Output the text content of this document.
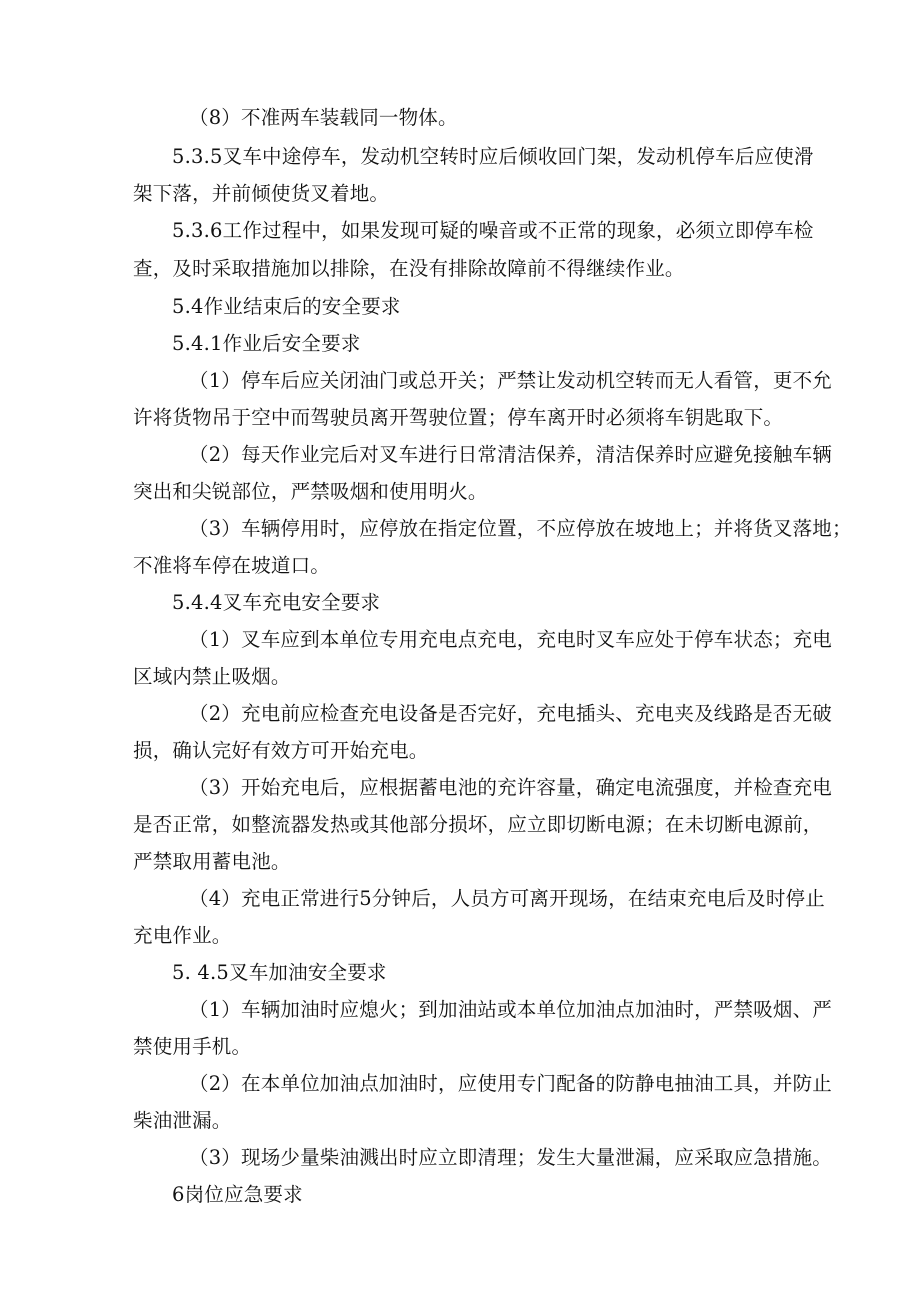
（8）不准两车装载同一物体。
5.3.5叉车中途停车，发动机空转时应后倾收回门架，发动机停车后应使滑
架下落，并前倾使货叉着地。
5.3.6工作过程中，如果发现可疑的噪音或不正常的现象，必须立即停车检
查，及时采取措施加以排除，在没有排除故障前不得继续作业。
5.4作业结束后的安全要求
5.4.1作业后安全要求
（1）停车后应关闭油门或总开关；严禁让发动机空转而无人看管，更不允
许将货物吊于空中而驾驶员离开驾驶位置；停车离开时必须将车钥匙取下。
（2）每天作业完后对叉车进行日常清洁保养，清洁保养时应避免接触车辆
突出和尖锐部位，严禁吸烟和使用明火。
（3）车辆停用时，应停放在指定位置，不应停放在坡地上；并将货叉落地；
不准将车停在坡道口。
5.4.4叉车充电安全要求
（1）叉车应到本单位专用充电点充电，充电时叉车应处于停车状态；充电
区域内禁止吸烟。
（2）充电前应检查充电设备是否完好，充电插头、充电夹及线路是否无破
损，确认完好有效方可开始充电。
（3）开始充电后，应根据蓄电池的充许容量，确定电流强度，并检查充电
是否正常，如整流器发热或其他部分损坏，应立即切断电源；在未切断电源前，
严禁取用蓄电池。
（4）充电正常进行5分钟后，人员方可离开现场，在结束充电后及时停止
充电作业。
5. 4.5叉车加油安全要求
（1）车辆加油时应熄火；到加油站或本单位加油点加油时，严禁吸烟、严
禁使用手机。
（2）在本单位加油点加油时，应使用专门配备的防静电抽油工具，并防止
柴油泄漏。
（3）现场少量柴油溅出时应立即清理；发生大量泄漏，应采取应急措施。
6岗位应急要求
